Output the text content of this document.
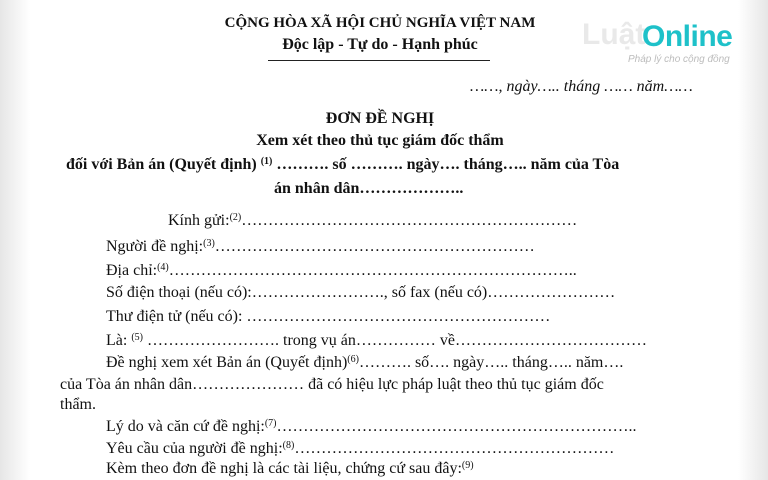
CỘNG HÒA XÃ HỘI CHỦ NGHĨA VIỆT NAM
Độc lập - Tự do - Hạnh phúc	Luật
Online
Pháp lý cho cộng đồng
……, ngày….. tháng …… năm……
ĐƠN ĐỀ NGHỊ
Xem xét theo thủ tục giám đốc thẩm
đối với Bản án (Quyết định) $^{(1)}$ ………. số ………. ngày…. tháng….. năm của Tòa
án nhân dân………………..
Kính gửi:$^{(2)}$………………………………………………………
Người đề nghị:$^{(3)}$……………………………………………………
Địa chỉ:$^{(4)}$…………………………………………………………………..
Số điện thoại (nếu có):……………………., số fax (nếu có)……………………
Thư điện tử (nếu có): …………………………………………………
Là: $^{(5)}$ ……………………. trong vụ án…………… về………………………………
Đề nghị xem xét Bản án (Quyết định)$^{(6)}$………. số…. ngày….. tháng….. năm….
của Tòa án nhân dân………………… đã có hiệu lực pháp luật theo thủ tục giám đốc
thẩm.
Lý do và căn cứ đề nghị:$^{(7)}$…………………………………………………………..
Yêu cầu của người đề nghị:$^{(8)}$……………………………………………………
Kèm theo đơn đề nghị là các tài liệu, chứng cứ sau đây:$^{(9)}$
